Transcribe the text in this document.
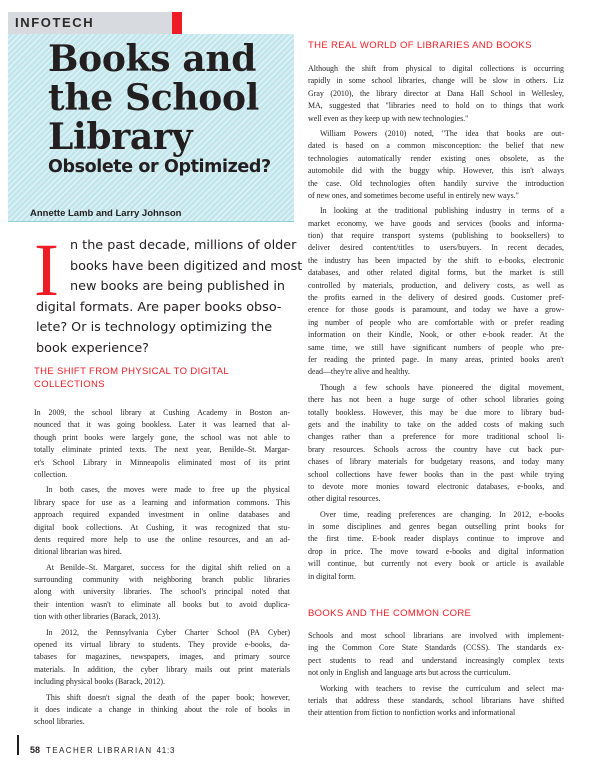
INFOTECH
Books and
the School
Library
Obsolete or Optimized?
Annette Lamb and Larry Johnson
I n the past decade, millions of older
books have been digitized and most
new books are being published in
digital formats. Are paper books obso-
lete? Or is technology optimizing the
book experience?
THE SHIFT FROM PHYSICAL TO DIGITAL
COLLECTIONS
In 2009, the school library at Cushing Academy in Boston an-
nounced that it was going bookless. Later it was learned that al-
though print books were largely gone, the school was not able to
totally eliminate printed texts. The next year, Benilde–St. Margar-
et's School Library in Minneapolis eliminated most of its print
collection.
In both cases, the moves were made to free up the physical
library space for use as a learning and information commons. This
approach required expanded investment in online databases and
digital book collections. At Cushing, it was recognized that stu-
dents required more help to use the online resources, and an ad-
ditional librarian was hired.
At Benilde–St. Margaret, success for the digital shift relied on a
surrounding community with neighboring branch public libraries
along with university libraries. The school's principal noted that
their intention wasn't to eliminate all books but to avoid duplica-
tion with other libraries (Barack, 2013).
In 2012, the Pennsylvania Cyber Charter School (PA Cyber)
opened its virtual library to students. They provide e-books, da-
tabases for magazines, newspapers, images, and primary source
materials. In addition, the cyber library mails out print materials
including physical books (Barack, 2012).
This shift doesn't signal the death of the paper book; however,
it does indicate a change in thinking about the role of books in
school libraries.
THE REAL WORLD OF LIBRARIES AND BOOKS
Although the shift from physical to digital collections is occurring
rapidly in some school libraries, change will be slow in others. Liz
Gray (2010), the library director at Dana Hall School in Wellesley,
MA, suggested that "libraries need to hold on to things that work
well even as they keep up with new technologies."
William Powers (2010) noted, "The idea that books are out-
dated is based on a common misconception: the belief that new
technologies automatically render existing ones obsolete, as the
automobile did with the buggy whip. However, this isn't always
the case. Old technologies often handily survive the introduction
of new ones, and sometimes become useful in entirely new ways."
In looking at the traditional publishing industry in terms of a
market economy, we have goods and services (books and informa-
tion) that require transport systems (publishing to booksellers) to
deliver desired content/titles to users/buyers. In recent decades,
the industry has been impacted by the shift to e-books, electronic
databases, and other related digital forms, but the market is still
controlled by materials, production, and delivery costs, as well as
the profits earned in the delivery of desired goods. Customer pref-
erence for those goods is paramount, and today we have a grow-
ing number of people who are comfortable with or prefer reading
information on their Kindle, Nook, or other e-book reader. At the
same time, we still have significant numbers of people who pre-
fer reading the printed page. In many areas, printed books aren't
dead—they're alive and healthy.
Though a few schools have pioneered the digital movement,
there has not been a huge surge of other school libraries going
totally bookless. However, this may be due more to library bud-
gets and the inability to take on the added costs of making such
changes rather than a preference for more traditional school li-
brary resources. Schools across the country have cut back pur-
chases of library materials for budgetary reasons, and today many
school collections have fewer books than in the past while trying
to devote more monies toward electronic databases, e-books, and
other digital resources.
Over time, reading preferences are changing. In 2012, e-books
in some disciplines and genres began outselling print books for
the first time. E-book reader displays continue to improve and
drop in price. The move toward e-books and digital information
will continue, but currently not every book or article is available
in digital form.
BOOKS AND THE COMMON CORE
Schools and most school librarians are involved with implement-
ing the Common Core State Standards (CCSS). The standards ex-
pect students to read and understand increasingly complex texts
not only in English and language arts but across the curriculum.
Working with teachers to revise the curriculum and select ma-
terials that address these standards, school librarians have shifted
their attention from fiction to nonfiction works and informational
58 TEACHER LIBRARIAN 41:3
